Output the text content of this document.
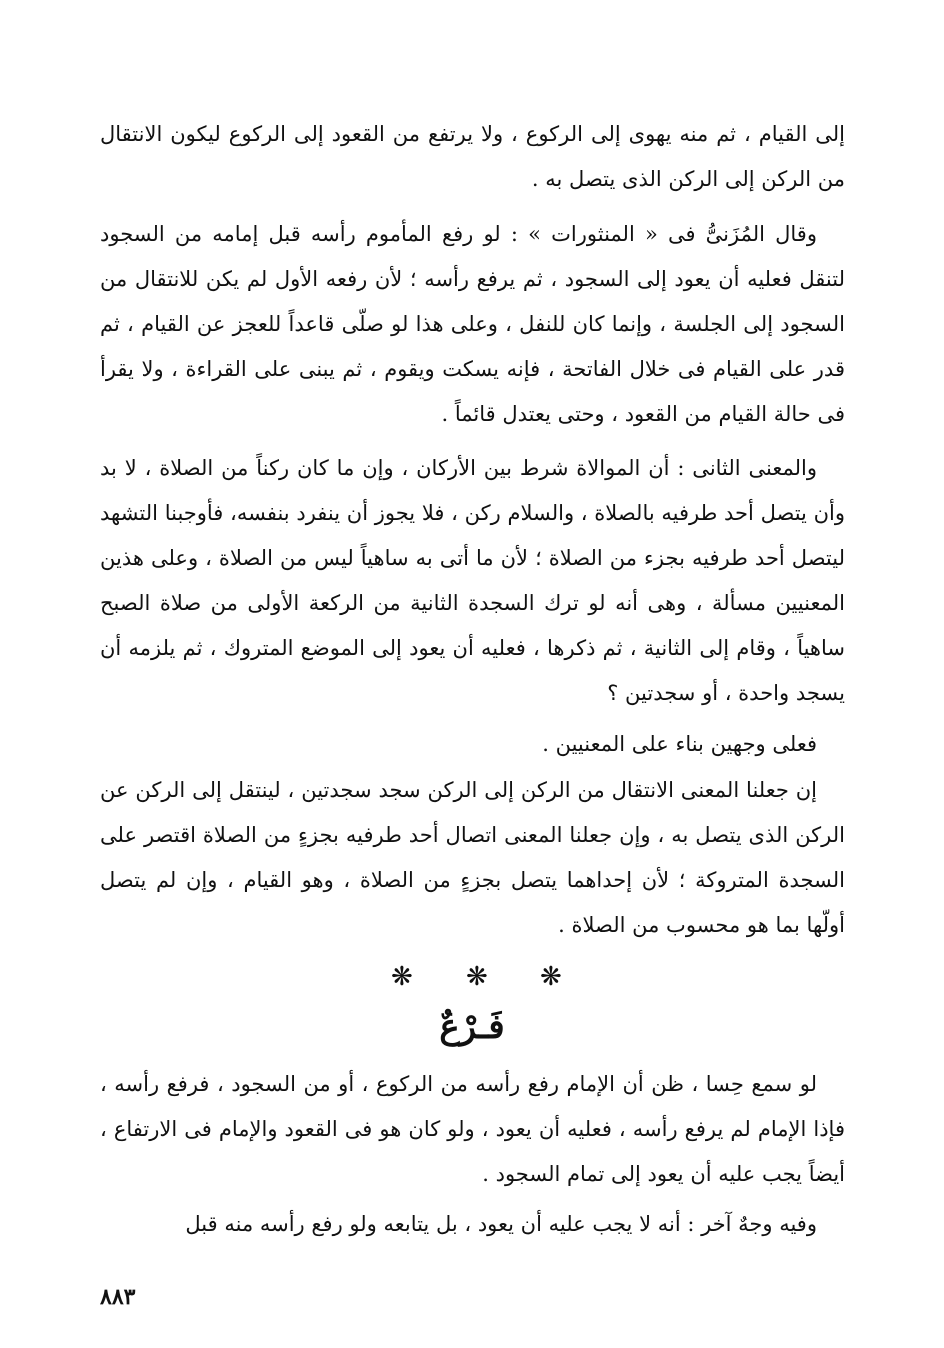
إلى القيام ، ثم منه يهوى إلى الركوع ، ولا يرتفع من القعود إلى الركوع ليكون الانتقال من الركن إلى الركن الذى يتصل به .

وقال المُزَنىُّ فى « المنثورات » : لو رفع المأموم رأسه قبل إمامه من السجود لتنقل فعليه أن يعود إلى السجود ، ثم يرفع رأسه ؛ لأن رفعه الأول لم يكن للانتقال من السجود إلى الجلسة ، وإنما كان للنفل ، وعلى هذا لو صلّى قاعداً للعجز عن القيام ، ثم قدر على القيام فى خلال الفاتحة ، فإنه يسكت ويقوم ، ثم يبنى على القراءة ، ولا يقرأ فى حالة القيام من القعود ، وحتى يعتدل قائماً .

والمعنى الثانى : أن الموالاة شرط بين الأركان ، وإن ما كان ركناً من الصلاة ، لا بد وأن يتصل أحد طرفيه بالصلاة ، والسلام ركن ، فلا يجوز أن ينفرد بنفسه، فأوجبنا التشهد ليتصل أحد طرفيه بجزء من الصلاة ؛ لأن ما أتى به ساهياً ليس من الصلاة ، وعلى هذين المعنيين مسألة ، وهى أنه لو ترك السجدة الثانية من الركعة الأولى من صلاة الصبح ساهياً ، وقام إلى الثانية ، ثم ذكرها ، فعليه أن يعود إلى الموضع المتروك ، ثم يلزمه أن يسجد واحدة ، أو سجدتين ؟

فعلى وجهين بناء على المعنيين .

إن جعلنا المعنى الانتقال من الركن إلى الركن سجد سجدتين ، لينتقل إلى الركن عن الركن الذى يتصل به ، وإن جعلنا المعنى اتصال أحد طرفيه بجزءٍ من الصلاة اقتصر على السجدة المتروكة ؛ لأن إحداهما يتصل بجزءٍ من الصلاة ، وهو القيام ، وإن لم يتصل أولّها بما هو محسوب من الصلاة .

❋ ❋ ❋
فَـرْعٌ

لو سمع حِسا ، ظن أن الإمام رفع رأسه من الركوع ، أو من السجود ، فرفع رأسه ، فإذا الإمام لم يرفع رأسه ، فعليه أن يعود ، ولو كان هو فى القعود والإمام فى الارتفاع ، أيضاً يجب عليه أن يعود إلى تمام السجود .

وفيه وجهٌ آخر : أنه لا يجب عليه أن يعود ، بل يتابعه ولو رفع رأسه منه قبل

٨٨٣
